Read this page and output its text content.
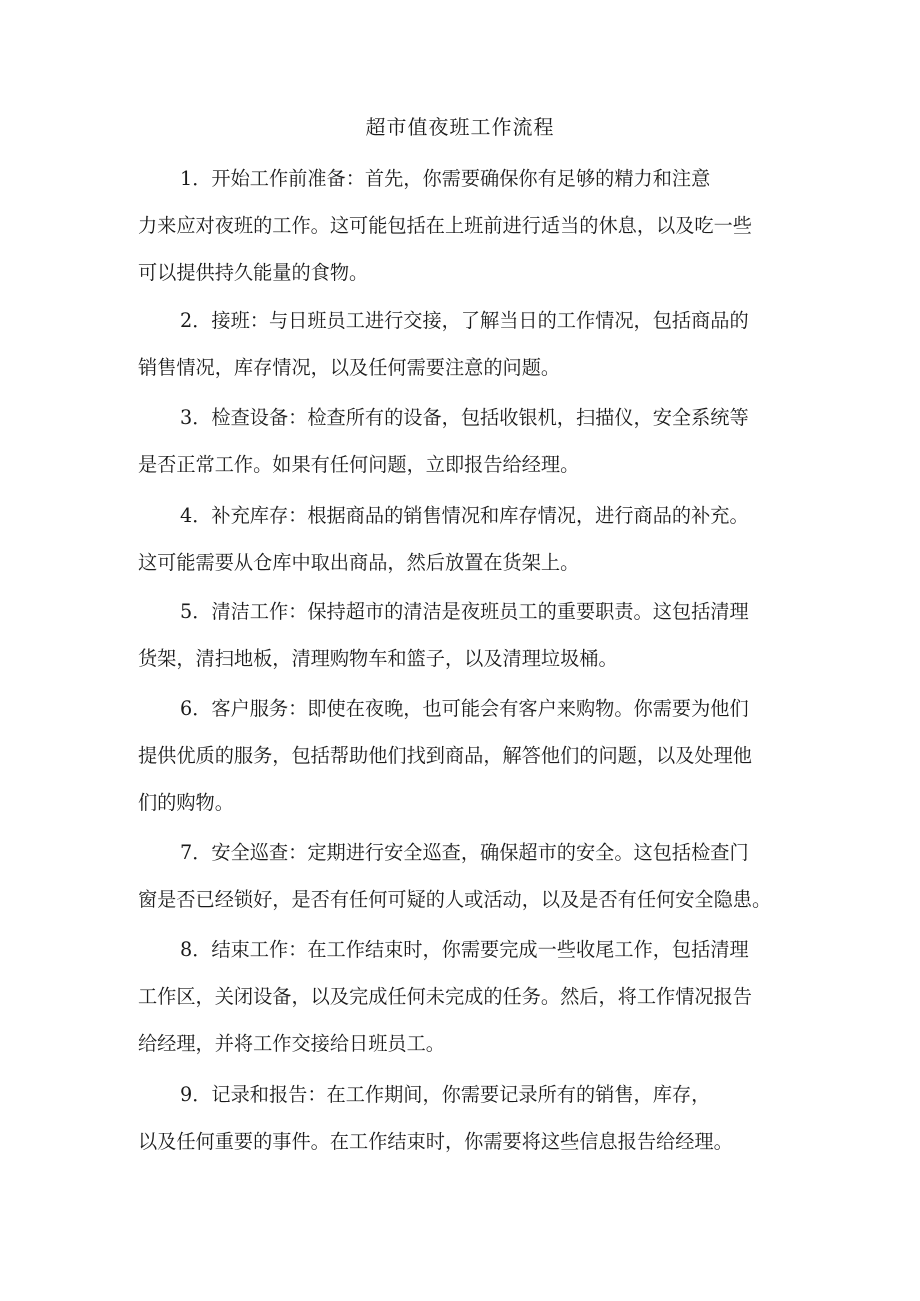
超市值夜班工作流程

1．开始工作前准备：首先，你需要确保你有足够的精力和注意
力来应对夜班的工作。这可能包括在上班前进行适当的休息，以及吃一些
可以提供持久能量的食物。

2．接班：与日班员工进行交接，了解当日的工作情况，包括商品的
销售情况，库存情况，以及任何需要注意的问题。

3．检查设备：检查所有的设备，包括收银机，扫描仪，安全系统等
是否正常工作。如果有任何问题，立即报告给经理。

4．补充库存：根据商品的销售情况和库存情况，进行商品的补充。
这可能需要从仓库中取出商品，然后放置在货架上。

5．清洁工作：保持超市的清洁是夜班员工的重要职责。这包括清理
货架，清扫地板，清理购物车和篮子，以及清理垃圾桶。

6．客户服务：即使在夜晚，也可能会有客户来购物。你需要为他们
提供优质的服务，包括帮助他们找到商品，解答他们的问题，以及处理他
们的购物。

7．安全巡查：定期进行安全巡查，确保超市的安全。这包括检查门
窗是否已经锁好，是否有任何可疑的人或活动，以及是否有任何安全隐患。

8．结束工作：在工作结束时，你需要完成一些收尾工作，包括清理
工作区，关闭设备，以及完成任何未完成的任务。然后，将工作情况报告
给经理，并将工作交接给日班员工。

9．记录和报告：在工作期间，你需要记录所有的销售，库存，
以及任何重要的事件。在工作结束时，你需要将这些信息报告给经理。
